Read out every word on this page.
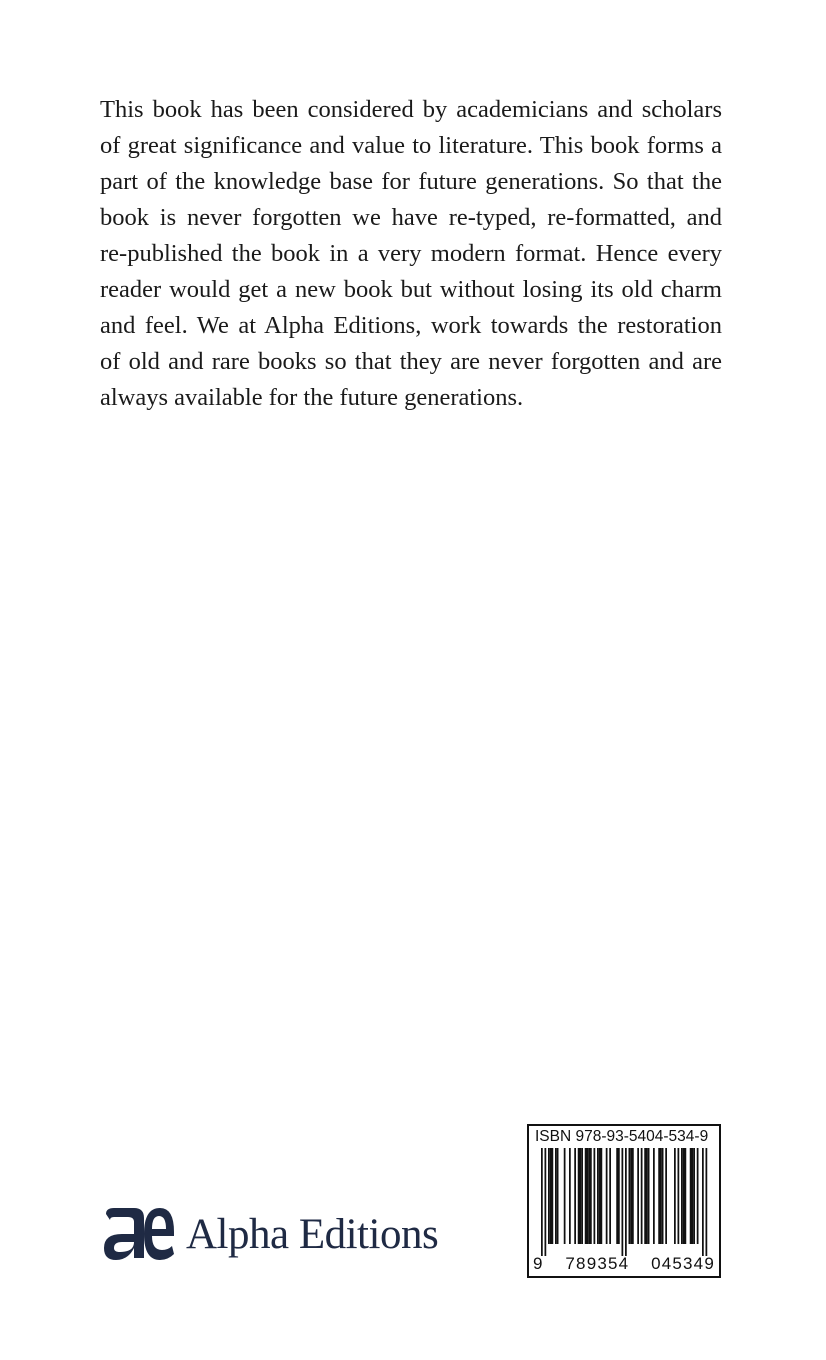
This book has been considered by academicians and scholars
of great significance and value to literature. This book forms a
part of the knowledge base for future generations. So that the
book is never forgotten we have re-typed, re-formatted, and
re-published the book in a very modern format. Hence every
reader would get a new book but without losing its old charm
and feel. We at Alpha Editions, work towards the restoration
of old and rare books so that they are never forgotten and are
always available for the future generations.
Alpha Editions
ISBN 978-93-5404-534-9
9 789354 045349
